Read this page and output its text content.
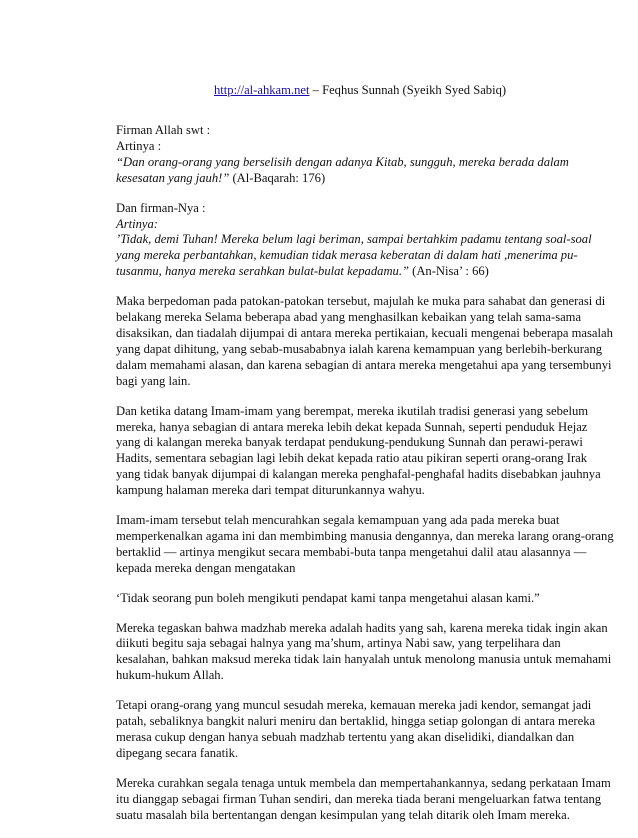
http://al-ahkam.net – Feqhus Sunnah (Syeikh Syed Sabiq)

Firman Allah swt :
Artinya :
“Dan orang-orang yang berselisih dengan adanya Kitab, sungguh, mereka berada dalam kesesatan yang jauh!” (Al-Baqarah: 176)

Dan firman-Nya :
Artinya:
’Tidak, demi Tuhan! Mereka belum lagi beriman, sampai bertahkim padamu tentang soal-soal yang mereka perbantahkan, kemudian tidak merasa keberatan di dalam hati ,menerima pu-tusanmu, hanya mereka serahkan bulat-bulat kepadamu.” (An-Nisa’ : 66)

Maka berpedoman pada patokan-patokan tersebut, majulah ke muka para sahabat dan generasi di belakang mereka Selama beberapa abad yang menghasilkan kebaikan yang telah sama-sama disaksikan, dan tiadalah dijumpai di antara mereka pertikaian, kecuali mengenai beberapa masalah yang dapat dihitung, yang sebab-musababnya ialah karena kemampuan yang berlebih-berkurang dalam memahami alasan, dan karena sebagian di antara mereka mengetahui apa yang tersembunyi bagi yang lain.

Dan ketika datang Imam-imam yang berempat, mereka ikutilah tradisi generasi yang sebelum mereka, hanya sebagian di antara mereka lebih dekat kepada Sunnah, seperti penduduk Hejaz yang di kalangan mereka banyak terdapat pendukung-pendukung Sunnah dan perawi-perawi Hadits, sementara sebagian lagi lebih dekat kepada ratio atau pikiran seperti orang-orang Irak yang tidak banyak dijumpai di kalangan mereka penghafal-penghafal hadits disebabkan jauhnya kampung halaman mereka dari tempat diturunkannya wahyu.

Imam-imam tersebut telah mencurahkan segala kemampuan yang ada pada mereka buat memperkenalkan agama ini dan membimbing manusia dengannya, dan mereka larang orang-orang bertaklid — artinya mengikut secara membabi-buta tanpa mengetahui dalil atau alasannya — kepada mereka dengan mengatakan

‘Tidak seorang pun boleh mengikuti pendapat kami tanpa mengetahui alasan kami.”

Mereka tegaskan bahwa madzhab mereka adalah hadits yang sah, karena mereka tidak ingin akan diikuti begitu saja sebagai halnya yang ma’shum, artinya Nabi saw, yang terpelihara dan kesalahan, bahkan maksud mereka tidak lain hanyalah untuk menolong manusia untuk memahami hukum-hukum Allah.

Tetapi orang-orang yang muncul sesudah mereka, kemauan mereka jadi kendor, semangat jadi patah, sebaliknya bangkit naluri meniru dan bertaklid, hingga setiap golongan di antara mereka merasa cukup dengan hanya sebuah madzhab tertentu yang akan diselidiki, diandalkan dan dipegang secara fanatik.

Mereka curahkan segala tenaga untuk membela dan mempertahankannya, sedang perkataan Imam itu dianggap sebagai firman Tuhan sendiri, dan mereka tiada berani mengeluarkan fatwa tentang suatu masalah bila bertentangan dengan kesimpulan yang telah ditarik oleh Imam mereka.
